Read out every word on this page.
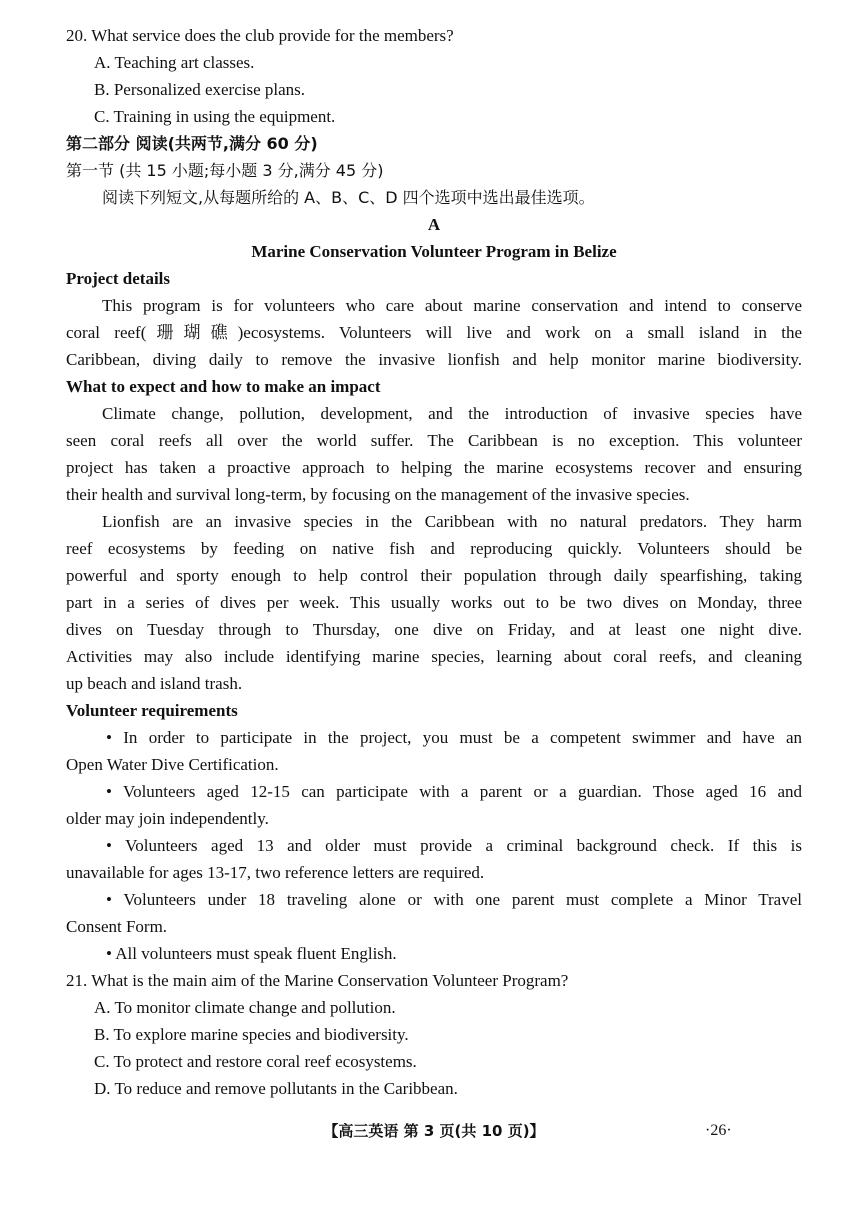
20. What service does the club provide for the members?
A. Teaching art classes.
B. Personalized exercise plans.
C. Training in using the equipment.
第二部分 阅读(共两节,满分 60 分)
第一节 (共 15 小题;每小题 3 分,满分 45 分)
阅读下列短文,从每题所给的 A、B、C、D 四个选项中选出最佳选项。
A
Marine Conservation Volunteer Program in Belize
Project details
This program is for volunteers who care about marine conservation and intend to conserve
coral reef(珊瑚礁)ecosystems. Volunteers will live and work on a small island in the
Caribbean, diving daily to remove the invasive lionfish and help monitor marine biodiversity.
What to expect and how to make an impact
Climate change, pollution, development, and the introduction of invasive species have
seen coral reefs all over the world suffer. The Caribbean is no exception. This volunteer
project has taken a proactive approach to helping the marine ecosystems recover and ensuring
their health and survival long-term, by focusing on the management of the invasive species.
Lionfish are an invasive species in the Caribbean with no natural predators. They harm
reef ecosystems by feeding on native fish and reproducing quickly. Volunteers should be
powerful and sporty enough to help control their population through daily spearfishing, taking
part in a series of dives per week. This usually works out to be two dives on Monday, three
dives on Tuesday through to Thursday, one dive on Friday, and at least one night dive.
Activities may also include identifying marine species, learning about coral reefs, and cleaning
up beach and island trash.
Volunteer requirements
• In order to participate in the project, you must be a competent swimmer and have an
Open Water Dive Certification.
• Volunteers aged 12-15 can participate with a parent or a guardian. Those aged 16 and
older may join independently.
• Volunteers aged 13 and older must provide a criminal background check. If this is
unavailable for ages 13-17, two reference letters are required.
• Volunteers under 18 traveling alone or with one parent must complete a Minor Travel
Consent Form.
• All volunteers must speak fluent English.
21. What is the main aim of the Marine Conservation Volunteer Program?
A. To monitor climate change and pollution.
B. To explore marine species and biodiversity.
C. To protect and restore coral reef ecosystems.
D. To reduce and remove pollutants in the Caribbean.
【高三英语 第 3 页(共 10 页)】	·26·
